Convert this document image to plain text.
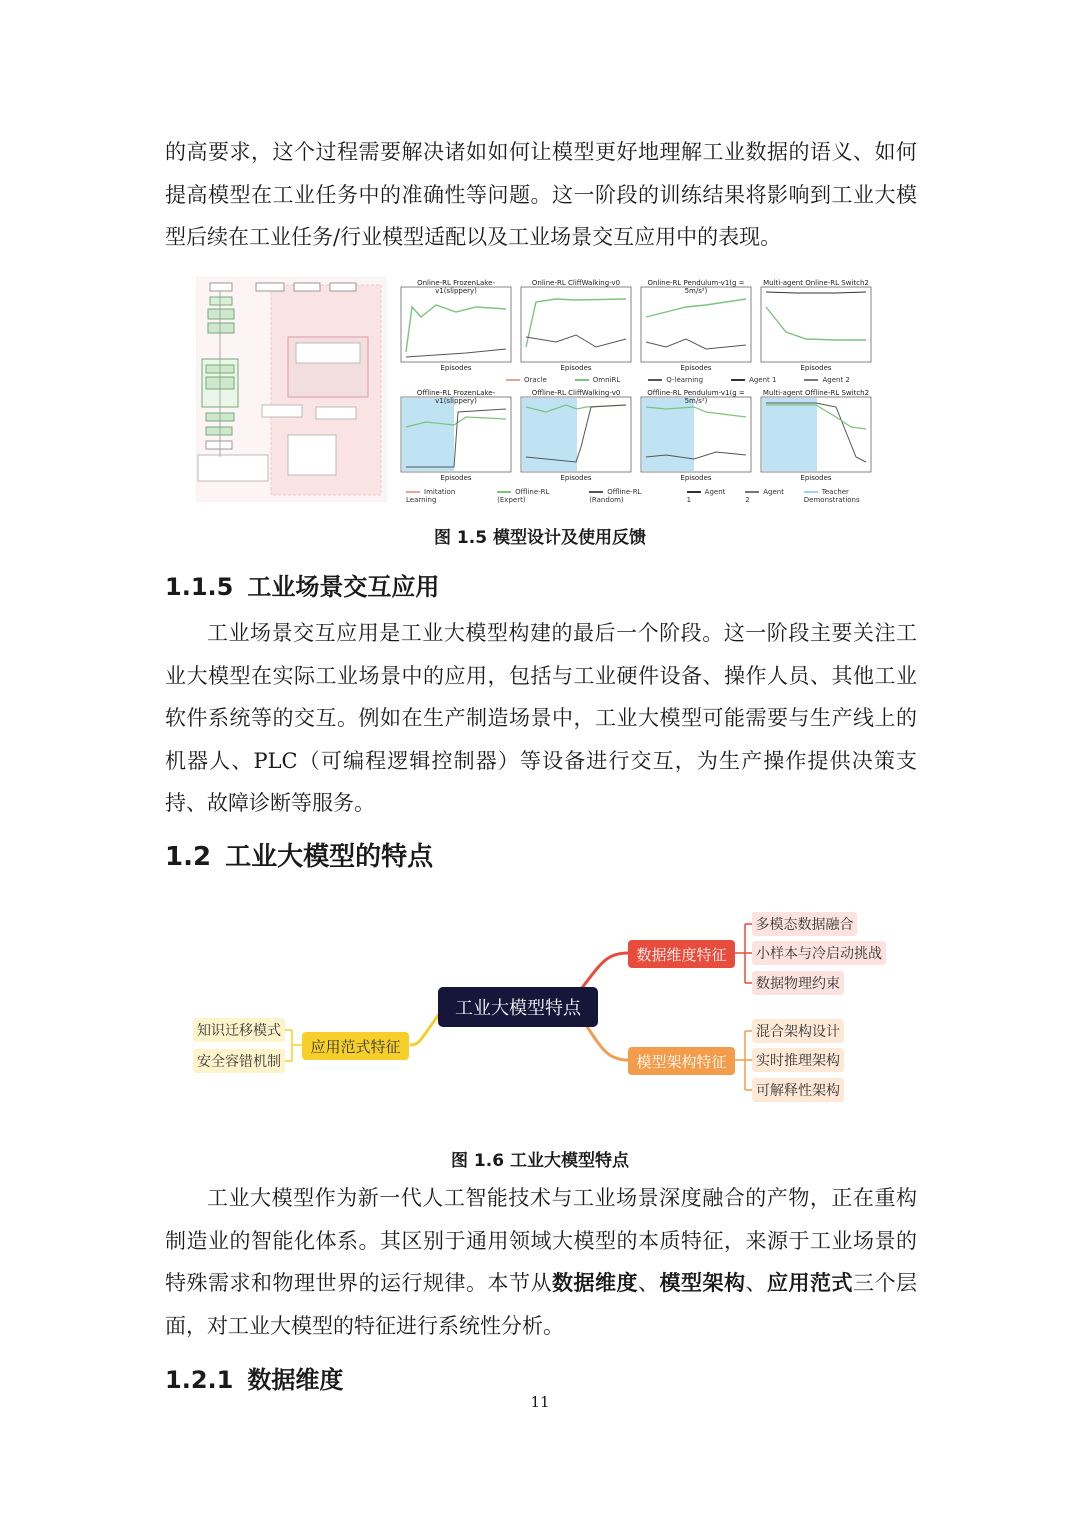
的高要求，这个过程需要解决诸如如何让模型更好地理解工业数据的语义、如何提高模型在工业任务中的准确性等问题。这一阶段的训练结果将影响到工业大模型后续在工业任务/行业模型适配以及工业场景交互应用中的表现。

Online-RL FrozenLake-v1(slippery)
Online-RL CliffWalking-v0	Online-RL Pendulum-v1(g = 5m/s²)
Multi-agent Online-RL Switch2
Offline-RL FrozenLake-v1(slippery)
Offline-RL CliffWalking-v0	Offline-RL Pendulum-v1(g = 5m/s²)
Multi-agent Offline-RL Switch2
Episodes	Episodes	Episodes	Episodes
Episodes	Episodes	Episodes	Episodes
Oracle	OmniRL	Q-learning	Agent 1	Agent 2
Imitation Learning
Offline-RL (Expert)
Offline-RL (Random)
Agent 1
Agent 2
Teacher Demonstrations
图 1.5 模型设计及使用反馈
1.1.5 工业场景交互应用

工业场景交互应用是工业大模型构建的最后一个阶段。这一阶段主要关注工业大模型在实际工业场景中的应用，包括与工业硬件设备、操作人员、其他工业软件系统等的交互。例如在生产制造场景中，工业大模型可能需要与生产线上的机器人、PLC（可编程逻辑控制器）等设备进行交互，为生产操作提供决策支持、故障诊断等服务。

1.2 工业大模型的特点
工业大模型特点
数据维度特征
模型架构特征
应用范式特征
多模态数据融合
小样本与冷启动挑战
数据物理约束
混合架构设计
实时推理架构
可解释性架构
知识迁移模式
安全容错机制
图 1.6 工业大模型特点

工业大模型作为新一代人工智能技术与工业场景深度融合的产物，正在重构制造业的智能化体系。其区别于通用领域大模型的本质特征，来源于工业场景的特殊需求和物理世界的运行规律。本节从数据维度、模型架构、应用范式三个层面，对工业大模型的特征进行系统性分析。

1.2.1 数据维度
11
